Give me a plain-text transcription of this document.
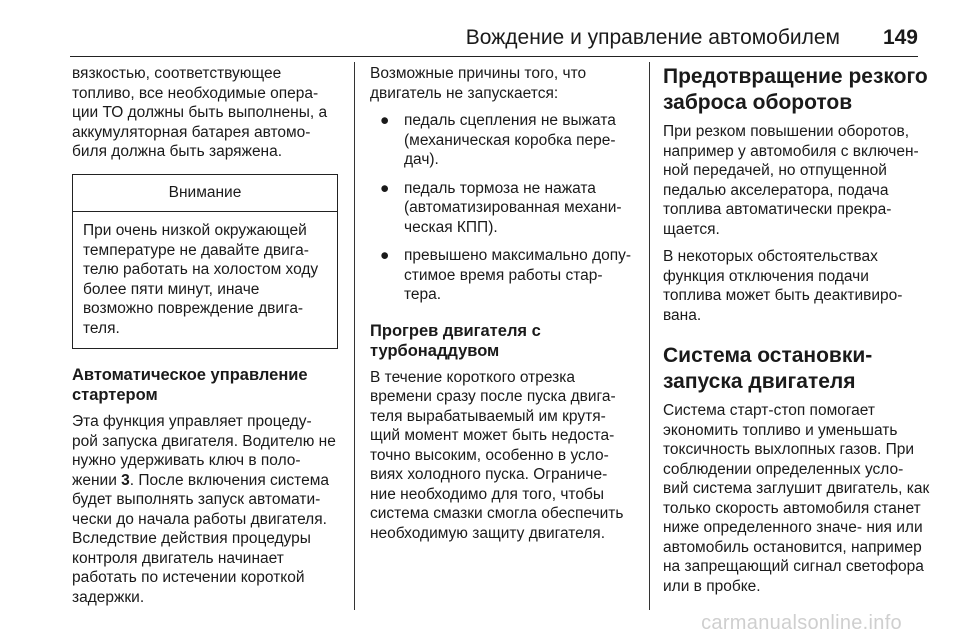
Вождение и управление автомобилем 149

вязкостью, соответствующее топливо, все необходимые опера- ции ТО должны быть выполнены, а аккумуляторная батарея автомо- биля должна быть заряжена.

Внимание
При очень низкой окружающей температуре не давайте двига- телю работать на холостом ходу более пяти минут, иначе возможно повреждение двига- теля.
Автоматическое управление стартером

Эта функция управляет процеду- рой запуска двигателя. Водителю не нужно удерживать ключ в поло- жении 3. После включения система будет выполнять запуск автомати- чески до начала работы двигателя. Вследствие действия процедуры контроля двигатель начинает работать по истечении короткой задержки.

Возможные причины того, что двигатель не запускается:

● педаль сцепления не выжата (механическая коробка пере- дач).
● педаль тормоза не нажата (автоматизированная механи- ческая КПП).
● превышено максимально допу- стимое время работы стар- тера.
Прогрев двигателя с турбонаддувом

В течение короткого отрезка времени сразу после пуска двига- теля вырабатываемый им крутя- щий момент может быть недоста- точно высоким, особенно в усло- виях холодного пуска. Ограниче- ние необходимо для того, чтобы система смазки смогла обеспечить необходимую защиту двигателя.

Предотвращение резкого заброса оборотов

При резком повышении оборотов, например у автомобиля с включен- ной передачей, но отпущенной педалью акселератора, подача топлива автоматически прекра- щается.

В некоторых обстоятельствах функция отключения подачи топлива может быть деактивиро- вана.

Система остановки- запуска двигателя

Система старт-стоп помогает экономить топливо и уменьшать токсичность выхлопных газов. При соблюдении определенных усло- вий система заглушит двигатель, как только скорость автомобиля станет ниже определенного значе- ния или автомобиль остановится, например на запрещающий сигнал светофора или в пробке.

carmanualsonline.info
